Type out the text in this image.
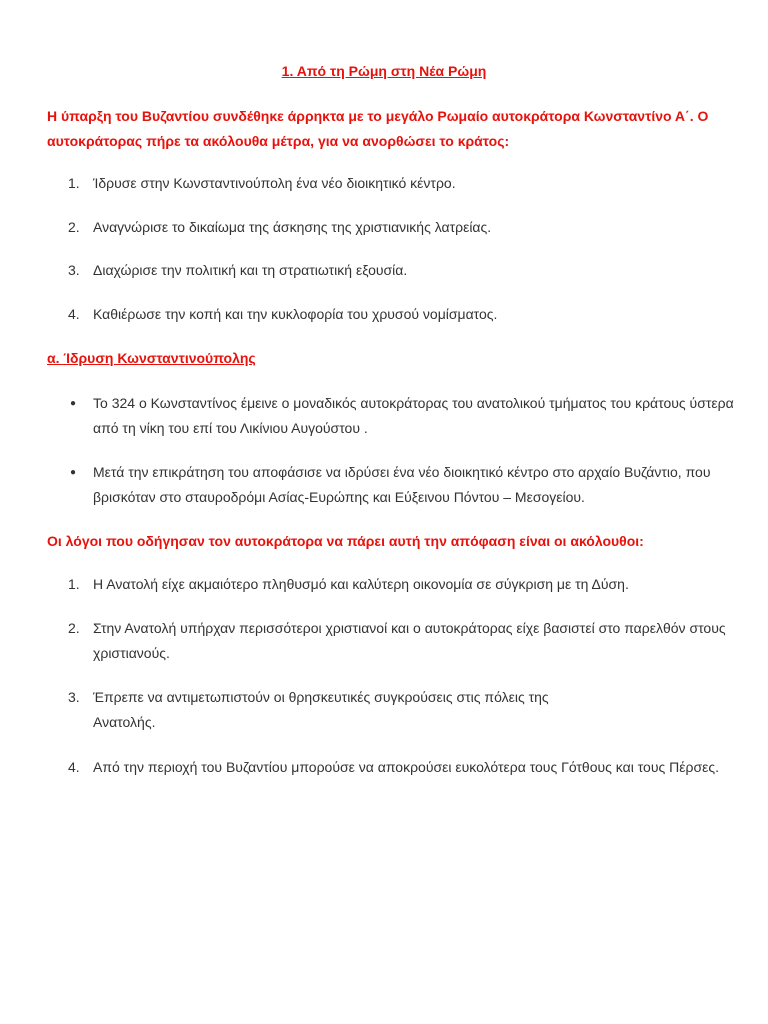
1. Από τη Ρώμη στη Νέα Ρώμη
Η ύπαρξη του Βυζαντίου συνδέθηκε άρρηκτα με το μεγάλο Ρωμαίο αυτοκράτορα Κωνσταντίνο Α΄. Ο αυτοκράτορας πήρε τα ακόλουθα μέτρα, για να ανορθώσει το κράτος:
1. Ίδρυσε στην Κωνσταντινούπολη ένα νέο διοικητικό κέντρο.
2. Αναγνώρισε το δικαίωμα της άσκησης της χριστιανικής λατρείας.
3. Διαχώρισε την πολιτική και τη στρατιωτική εξουσία.
4. Καθιέρωσε την κοπή και την κυκλοφορία του χρυσού νομίσματος.
α. Ίδρυση Κωνσταντινούπολης
●	Το 324 ο Κωνσταντίνος έμεινε ο μοναδικός αυτοκράτορας του ανατολικού τμήματος του κράτους ύστερα από τη νίκη του επί του Λικίνιου Αυγούστου .
●	Μετά την επικράτηση του αποφάσισε να ιδρύσει ένα νέο διοικητικό κέντρο στο αρχαίο Βυζάντιο, που βρισκόταν στο σταυροδρόμι Ασίας-Ευρώπης και Εύξεινου Πόντου – Μεσογείου.
Οι λόγοι που οδήγησαν τον αυτοκράτορα να πάρει αυτή την απόφαση είναι οι ακόλουθοι:
1. Η Ανατολή είχε ακμαιότερο πληθυσμό και καλύτερη οικονομία σε σύγκριση με τη Δύση.
2. Στην Ανατολή υπήρχαν περισσότεροι χριστιανοί και ο αυτοκράτορας είχε βασιστεί στο παρελθόν στους χριστιανούς.
3. Έπρεπε να αντιμετωπιστούν οι θρησκευτικές συγκρούσεις στις πόλεις της
Ανατολής.
4. Από την περιοχή του Βυζαντίου μπορούσε να αποκρούσει ευκολότερα τους Γότθους και τους Πέρσες.
